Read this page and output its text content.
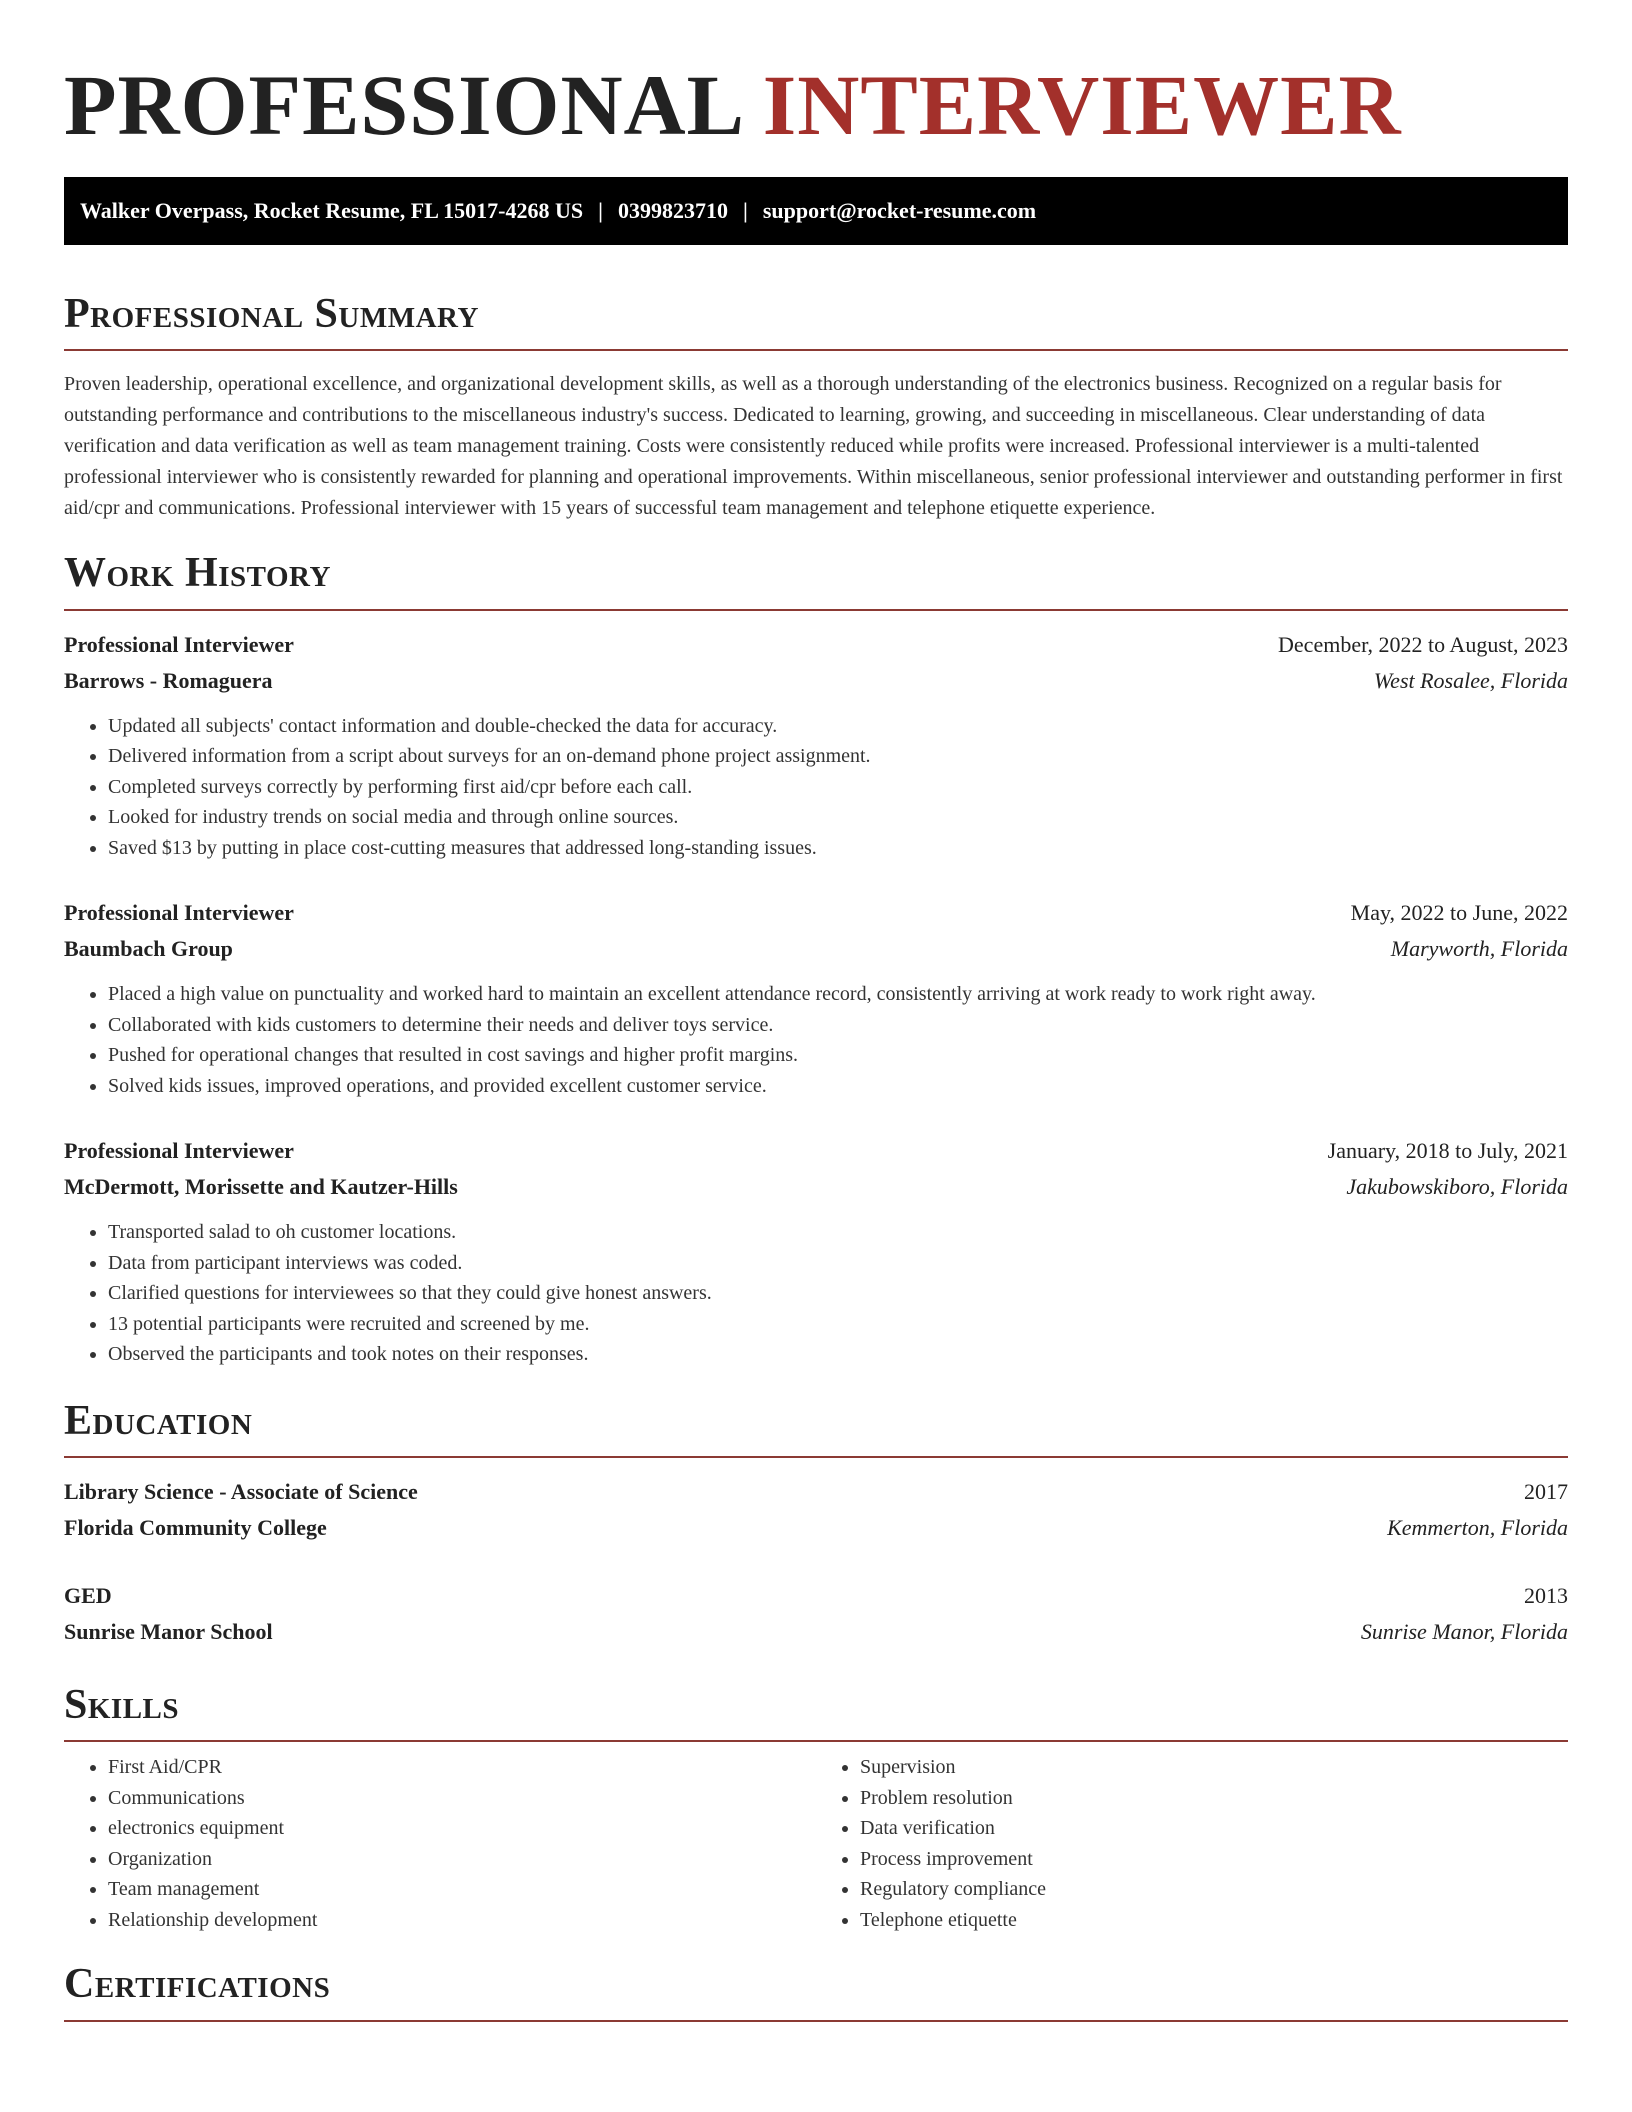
PROFESSIONAL INTERVIEWER
Walker Overpass, Rocket Resume, FL 15017-4268 US | 0399823710 | support@rocket-resume.com
Professional Summary

Proven leadership, operational excellence, and organizational development skills, as well as a thorough understanding of the electronics business. Recognized on a regular basis for outstanding performance and contributions to the miscellaneous industry's success. Dedicated to learning, growing, and succeeding in miscellaneous. Clear understanding of data verification and data verification as well as team management training. Costs were consistently reduced while profits were increased. Professional interviewer is a multi-talented professional interviewer who is consistently rewarded for planning and operational improvements. Within miscellaneous, senior professional interviewer and outstanding performer in first aid/cpr and communications. Professional interviewer with 15 years of successful team management and telephone etiquette experience.

Work History
Professional Interviewer	December, 2022 to August, 2023
Barrows - Romaguera	West Rosalee, Florida
• Updated all subjects' contact information and double-checked the data for accuracy.
• Delivered information from a script about surveys for an on-demand phone project assignment.
• Completed surveys correctly by performing first aid/cpr before each call.
• Looked for industry trends on social media and through online sources.
• Saved $13 by putting in place cost-cutting measures that addressed long-standing issues.
Professional Interviewer	May, 2022 to June, 2022
Baumbach Group	Maryworth, Florida
• Placed a high value on punctuality and worked hard to maintain an excellent attendance record, consistently arriving at work ready to work right away.
• Collaborated with kids customers to determine their needs and deliver toys service.
• Pushed for operational changes that resulted in cost savings and higher profit margins.
• Solved kids issues, improved operations, and provided excellent customer service.
Professional Interviewer	January, 2018 to July, 2021
McDermott, Morissette and Kautzer-Hills	Jakubowskiboro, Florida
• Transported salad to oh customer locations.
• Data from participant interviews was coded.
• Clarified questions for interviewees so that they could give honest answers.
• 13 potential participants were recruited and screened by me.
• Observed the participants and took notes on their responses.
Education
Library Science - Associate of Science	2017
Florida Community College	Kemmerton, Florida
GED	2013
Sunrise Manor School	Sunrise Manor, Florida
Skills
• First Aid/CPR
• Communications
• electronics equipment
• Organization
• Team management
• Relationship development
• Supervision
• Problem resolution
• Data verification
• Process improvement
• Regulatory compliance
• Telephone etiquette
Certifications
